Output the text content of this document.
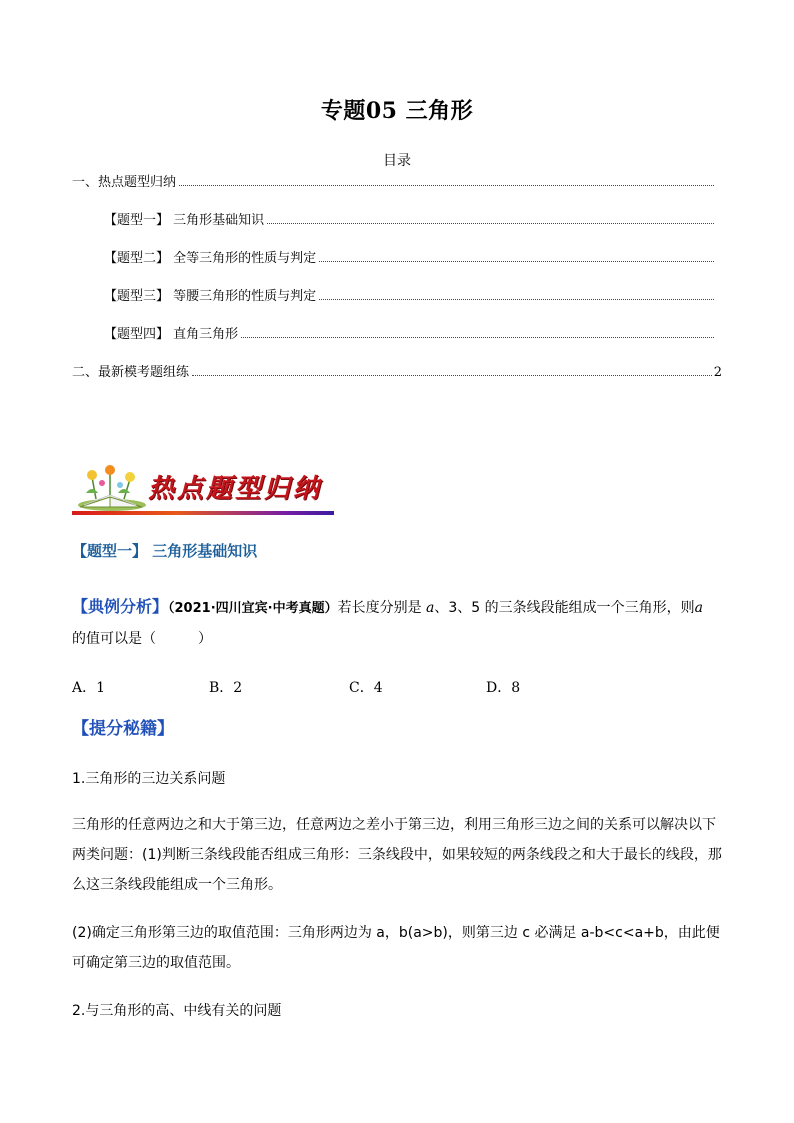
专题05 三角形
目录
一、热点题型归纳
【题型一】 三角形基础知识
【题型二】 全等三角形的性质与判定
【题型三】 等腰三角形的性质与判定
【题型四】 直角三角形
二、最新模考题组练	2
热点题型归纳
【题型一】 三角形基础知识
【典例分析】（2021·四川宜宾·中考真题）若长度分别是 a、3、5 的三条线段能组成一个三角形，则a
的值可以是（　　　）
A．1	B．2	C．4	D．8
【提分秘籍】
1.三角形的三边关系问题
三角形的任意两边之和大于第三边，任意两边之差小于第三边，利用三角形三边之间的关系可以解决以下两类问题：(1)判断三条线段能否组成三角形：三条线段中，如果较短的两条线段之和大于最长的线段，那么这三条线段能组成一个三角形。
(2)确定三角形第三边的取值范围：三角形两边为 a，b(a>b)，则第三边 c 必满足 a-b<c<a+b，由此便可确定第三边的取值范围。
2.与三角形的高、中线有关的问题
